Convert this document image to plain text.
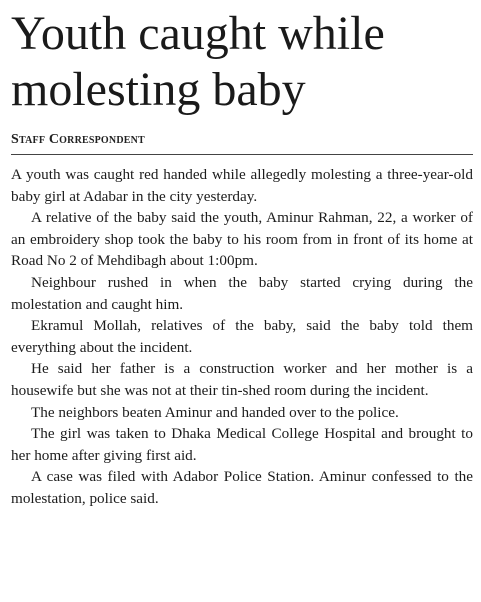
Youth caught while
molesting baby
Staff Correspondent

A youth was caught red handed while allegedly molesting a three-year-old baby girl at Adabar in the city yesterday.

A relative of the baby said the youth, Aminur Rahman, 22, a worker of an embroidery shop took the baby to his room from in front of its home at Road No 2 of Mehdibagh about 1:00pm.

Neighbour rushed in when the baby started crying during the molestation and caught him.

Ekramul Mollah, relatives of the baby, said the baby told them everything about the incident.

He said her father is a construction worker and her mother is a housewife but she was not at their tin-shed room during the incident.

The neighbors beaten Aminur and handed over to the police.

The girl was taken to Dhaka Medical College Hospital and brought to her home after giving first aid.

A case was filed with Adabor Police Station. Aminur confessed to the molestation, police said.
